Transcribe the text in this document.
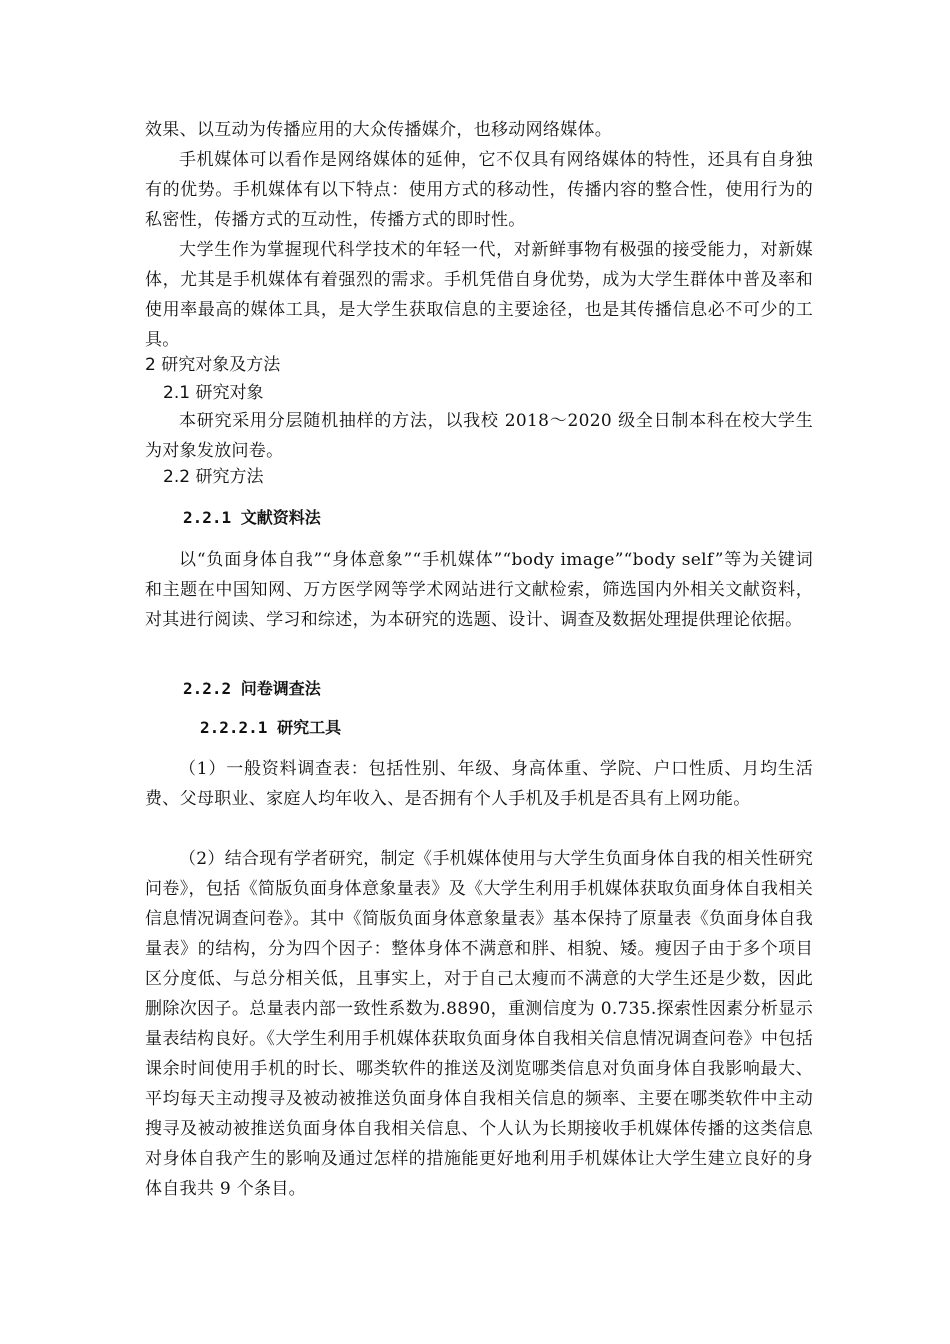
效果、以互动为传播应用的大众传播媒介，也移动网络媒体。

手机媒体可以看作是网络媒体的延伸，它不仅具有网络媒体的特性，还具有自身独有的优势。手机媒体有以下特点：使用方式的移动性，传播内容的整合性，使用行为的私密性，传播方式的互动性，传播方式的即时性。

大学生作为掌握现代科学技术的年轻一代，对新鲜事物有极强的接受能力，对新媒体，尤其是手机媒体有着强烈的需求。手机凭借自身优势，成为大学生群体中普及率和使用率最高的媒体工具，是大学生获取信息的主要途径，也是其传播信息必不可少的工具。

2 研究对象及方法
2.1 研究对象

本研究采用分层随机抽样的方法，以我校 2018～2020 级全日制本科在校大学生为对象发放问卷。

2.2 研究方法
2.2.1 文献资料法

以“负面身体自我”“身体意象”“手机媒体”“body image”“body self”等为关键词和主题在中国知网、万方医学网等学术网站进行文献检索，筛选国内外相关文献资料，对其进行阅读、学习和综述，为本研究的选题、设计、调查及数据处理提供理论依据。

2.2.2 问卷调查法
2.2.2.1 研究工具

（1）一般资料调查表：包括性别、年级、身高体重、学院、户口性质、月均生活费、父母职业、家庭人均年收入、是否拥有个人手机及手机是否具有上网功能。

（2）结合现有学者研究，制定《手机媒体使用与大学生负面身体自我的相关性研究问卷》，包括《简版负面身体意象量表》及《大学生利用手机媒体获取负面身体自我相关信息情况调查问卷》。其中《简版负面身体意象量表》基本保持了原量表《负面身体自我量表》的结构，分为四个因子：整体身体不满意和胖、相貌、矮。瘦因子由于多个项目区分度低、与总分相关低，且事实上，对于自己太瘦而不满意的大学生还是少数，因此删除次因子。总量表内部一致性系数为.8890，重测信度为 0.735.探索性因素分析显示量表结构良好。《大学生利用手机媒体获取负面身体自我相关信息情况调查问卷》中包括课余时间使用手机的时长、哪类软件的推送及浏览哪类信息对负面身体自我影响最大、平均每天主动搜寻及被动被推送负面身体自我相关信息的频率、主要在哪类软件中主动搜寻及被动被推送负面身体自我相关信息、个人认为长期接收手机媒体传播的这类信息对身体自我产生的影响及通过怎样的措施能更好地利用手机媒体让大学生建立良好的身体自我共 9 个条目。
